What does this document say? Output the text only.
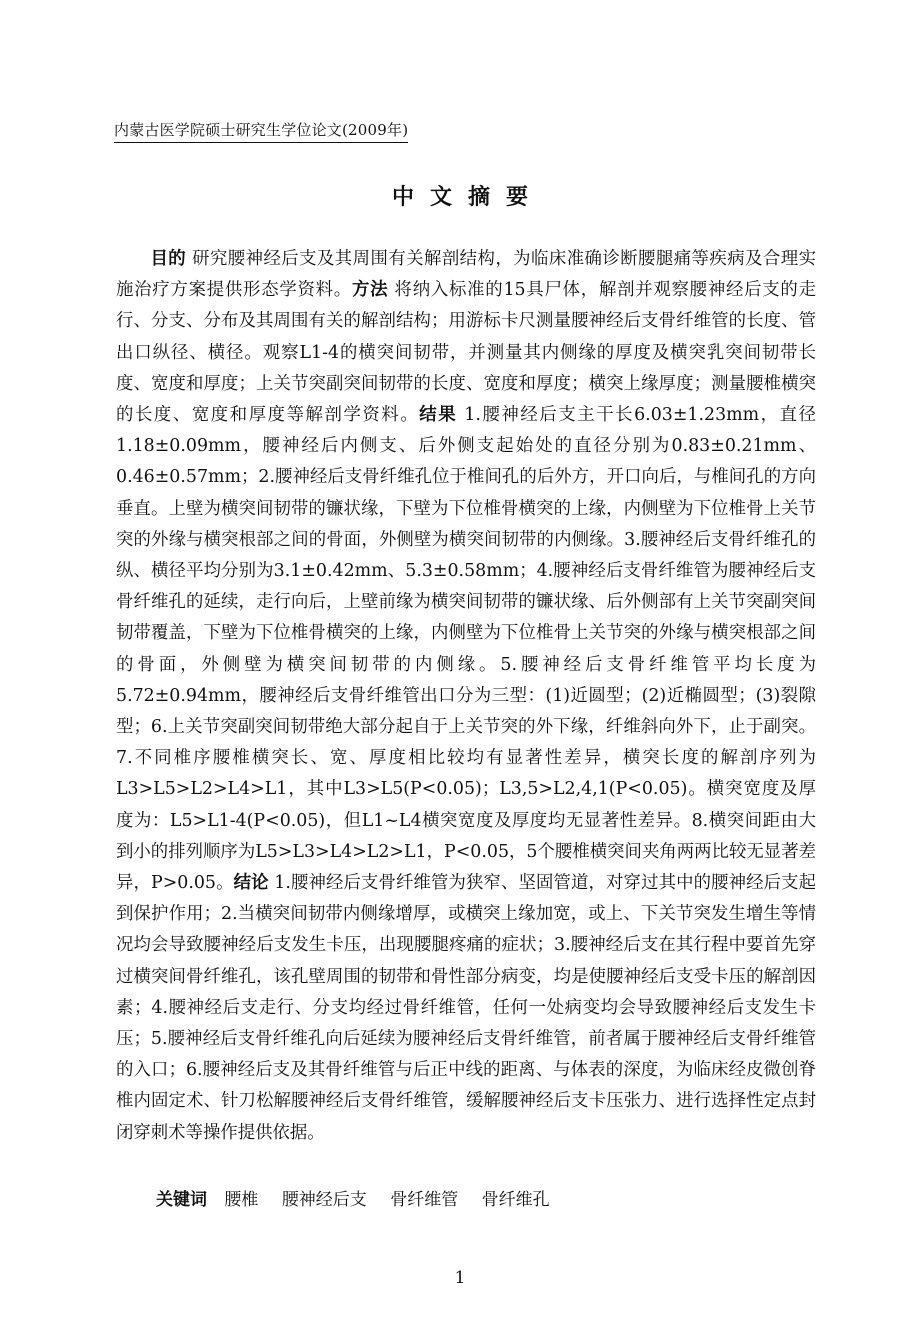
内蒙古医学院硕士研究生学位论文(2009年)
中文摘要

目的 研究腰神经后支及其周围有关解剖结构，为临床准确诊断腰腿痛等疾病及合理实施治疗方案提供形态学资料。方法 将纳入标准的15具尸体，解剖并观察腰神经后支的走行、分支、分布及其周围有关的解剖结构；用游标卡尺测量腰神经后支骨纤维管的长度、管出口纵径、横径。观察L1-4的横突间韧带，并测量其内侧缘的厚度及横突乳突间韧带长度、宽度和厚度；上关节突副突间韧带的长度、宽度和厚度；横突上缘厚度；测量腰椎横突的长度、宽度和厚度等解剖学资料。结果 1.腰神经后支主干长6.03±1.23mm，直径1.18±0.09mm，腰神经后内侧支、后外侧支起始处的直径分别为0.83±0.21mm、0.46±0.57mm；2.腰神经后支骨纤维孔位于椎间孔的后外方，开口向后，与椎间孔的方向垂直。上壁为横突间韧带的镰状缘，下壁为下位椎骨横突的上缘，内侧壁为下位椎骨上关节突的外缘与横突根部之间的骨面，外侧壁为横突间韧带的内侧缘。3.腰神经后支骨纤维孔的纵、横径平均分别为3.1±0.42mm、5.3±0.58mm；4.腰神经后支骨纤维管为腰神经后支骨纤维孔的延续，走行向后，上壁前缘为横突间韧带的镰状缘、后外侧部有上关节突副突间韧带覆盖，下壁为下位椎骨横突的上缘，内侧壁为下位椎骨上关节突的外缘与横突根部之间的骨面，外侧壁为横突间韧带的内侧缘。5.腰神经后支骨纤维管平均长度为5.72±0.94mm，腰神经后支骨纤维管出口分为三型：(1)近圆型；(2)近椭圆型；(3)裂隙型；6.上关节突副突间韧带绝大部分起自于上关节突的外下缘，纤维斜向外下，止于副突。7.不同椎序腰椎横突长、宽、厚度相比较均有显著性差异，横突长度的解剖序列为L3>L5>L2>L4>L1，其中L3>L5(P<0.05)；L3,5>L2,4,1(P<0.05)。横突宽度及厚度为：L5>L1-4(P<0.05)，但L1~L4横突宽度及厚度均无显著性差异。8.横突间距由大到小的排列顺序为L5>L3>L4>L2>L1，P<0.05，5个腰椎横突间夹角两两比较无显著差异，P>0.05。结论 1.腰神经后支骨纤维管为狭窄、坚固管道，对穿过其中的腰神经后支起到保护作用；2.当横突间韧带内侧缘增厚，或横突上缘加宽，或上、下关节突发生增生等情况均会导致腰神经后支发生卡压，出现腰腿疼痛的症状；3.腰神经后支在其行程中要首先穿过横突间骨纤维孔，该孔壁周围的韧带和骨性部分病变，均是使腰神经后支受卡压的解剖因素；4.腰神经后支走行、分支均经过骨纤维管，任何一处病变均会导致腰神经后支发生卡压；5.腰神经后支骨纤维孔向后延续为腰神经后支骨纤维管，前者属于腰神经后支骨纤维管的入口；6.腰神经后支及其骨纤维管与后正中线的距离、与体表的深度，为临床经皮微创脊椎内固定术、针刀松解腰神经后支骨纤维管，缓解腰神经后支卡压张力、进行选择性定点封闭穿刺术等操作提供依据。

关键词 腰椎 腰神经后支 骨纤维管 骨纤维孔
1
